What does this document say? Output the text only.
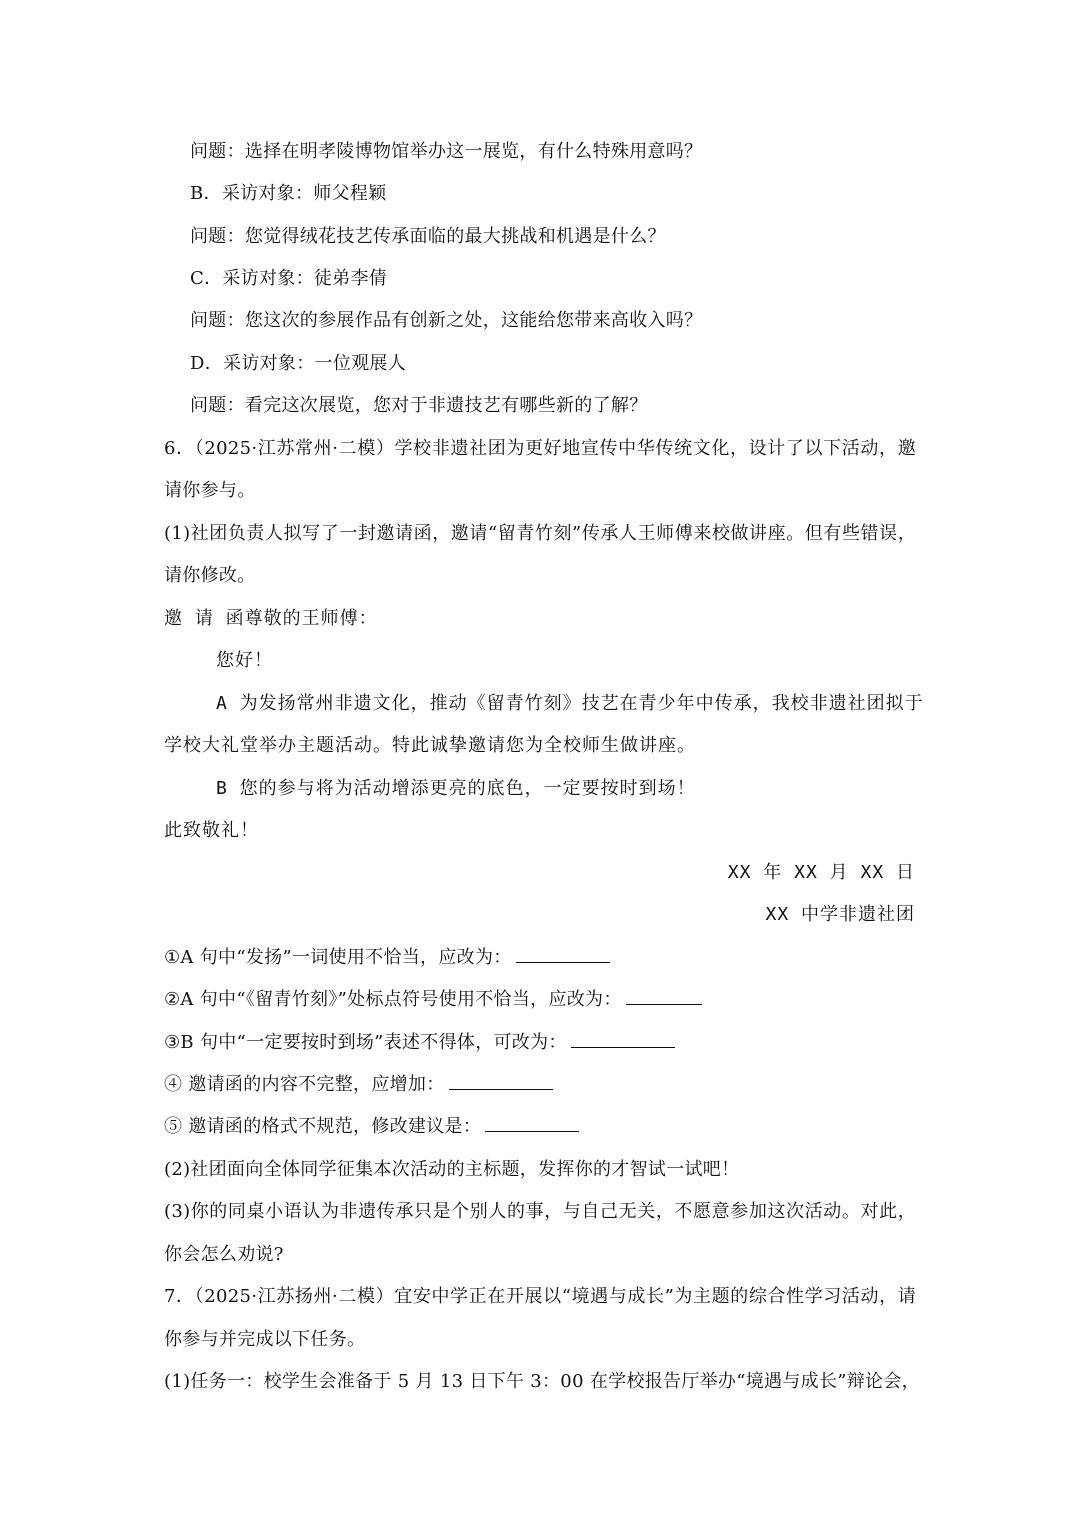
问题：选择在明孝陵博物馆举办这一展览，有什么特殊用意吗？
B．采访对象：师父程颖
问题：您觉得绒花技艺传承面临的最大挑战和机遇是什么？
C．采访对象：徒弟李倩
问题：您这次的参展作品有创新之处，这能给您带来高收入吗？
D．采访对象：一位观展人
问题：看完这次展览，您对于非遗技艺有哪些新的了解？
6．（2025·江苏常州·二模）学校非遗社团为更好地宣传中华传统文化，设计了以下活动，邀
请你参与。
(1)社团负责人拟写了一封邀请函，邀请“留青竹刻”传承人王师傅来校做讲座。但有些错误，
请你修改。
邀 请 函尊敬的王师傅：
您好！
A 为发扬常州非遗文化，推动《留青竹刻》技艺在青少年中传承，我校非遗社团拟于
学校大礼堂举办主题活动。特此诚挚邀请您为全校师生做讲座。
B 您的参与将为活动增添更亮的底色，一定要按时到场！
此致敬礼！
XX 年 XX 月 XX 日
XX 中学非遗社团
①A 句中“发扬”一词使用不恰当，应改为：
②A 句中“《留青竹刻》”处标点符号使用不恰当，应改为：
③B 句中“一定要按时到场”表述不得体，可改为：
④ 邀请函的内容不完整，应增加：
⑤ 邀请函的格式不规范，修改建议是：
(2)社团面向全体同学征集本次活动的主标题，发挥你的才智试一试吧！
(3)你的同桌小语认为非遗传承只是个别人的事，与自己无关，不愿意参加这次活动。对此，
你会怎么劝说?
7．（2025·江苏扬州·二模）宜安中学正在开展以“境遇与成长”为主题的综合性学习活动，请
你参与并完成以下任务。
(1)任务一：校学生会准备于 5 月 13 日下午 3：00 在学校报告厅举办“境遇与成长”辩论会，
